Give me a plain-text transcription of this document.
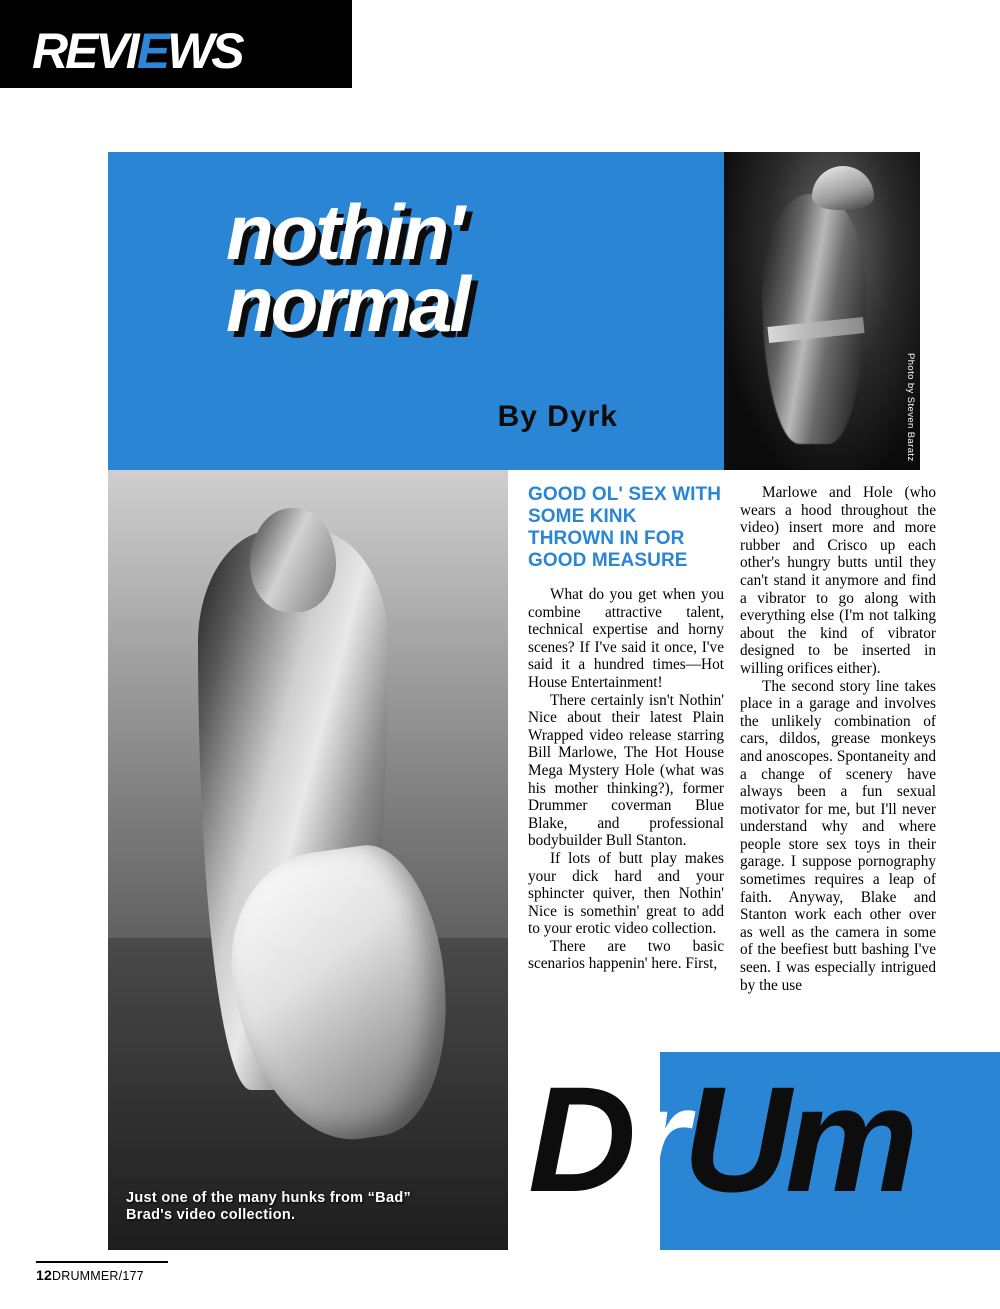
REVIEWS
nothin'
normal
By Dyrk	Photo by Steven Baratz
Just one of the many hunks from “Bad”
Brad's video collection.
GOOD OL' SEX WITH SOME KINK THROWN IN FOR GOOD MEASURE

What do you get when you combine attractive talent, technical expertise and horny scenes? If I've said it once, I've said it a hundred times—Hot House Entertainment!

There certainly isn't Nothin' Nice about their latest Plain Wrapped video release starring Bill Marlowe, The Hot House Mega Mystery Hole (what was his mother thinking?), former Drummer coverman Blue Blake, and professional bodybuilder Bull Stanton.

If lots of butt play makes your dick hard and your sphincter quiver, then Nothin' Nice is somethin' great to add to your erotic video collection.

There are two basic scenarios happenin' here. First,

Marlowe and Hole (who wears a hood throughout the video) insert more and more rubber and Crisco up each other's hungry butts until they can't stand it anymore and find a vibrator to go along with everything else (I'm not talking about the kind of vibrator designed to be inserted in willing orifices either).

The second story line takes place in a garage and involves the unlikely combination of cars, dildos, grease monkeys and anoscopes. Spontaneity and a change of scenery have always been a fun sexual motivator for me, but I'll never understand why and where people store sex toys in their garage. I suppose pornography sometimes requires a leap of faith. Anyway, Blake and Stanton work each other over as well as the camera in some of the beefiest butt bashing I've seen. I was especially intrigued by the use

DrUm
12DRUMMER/177
